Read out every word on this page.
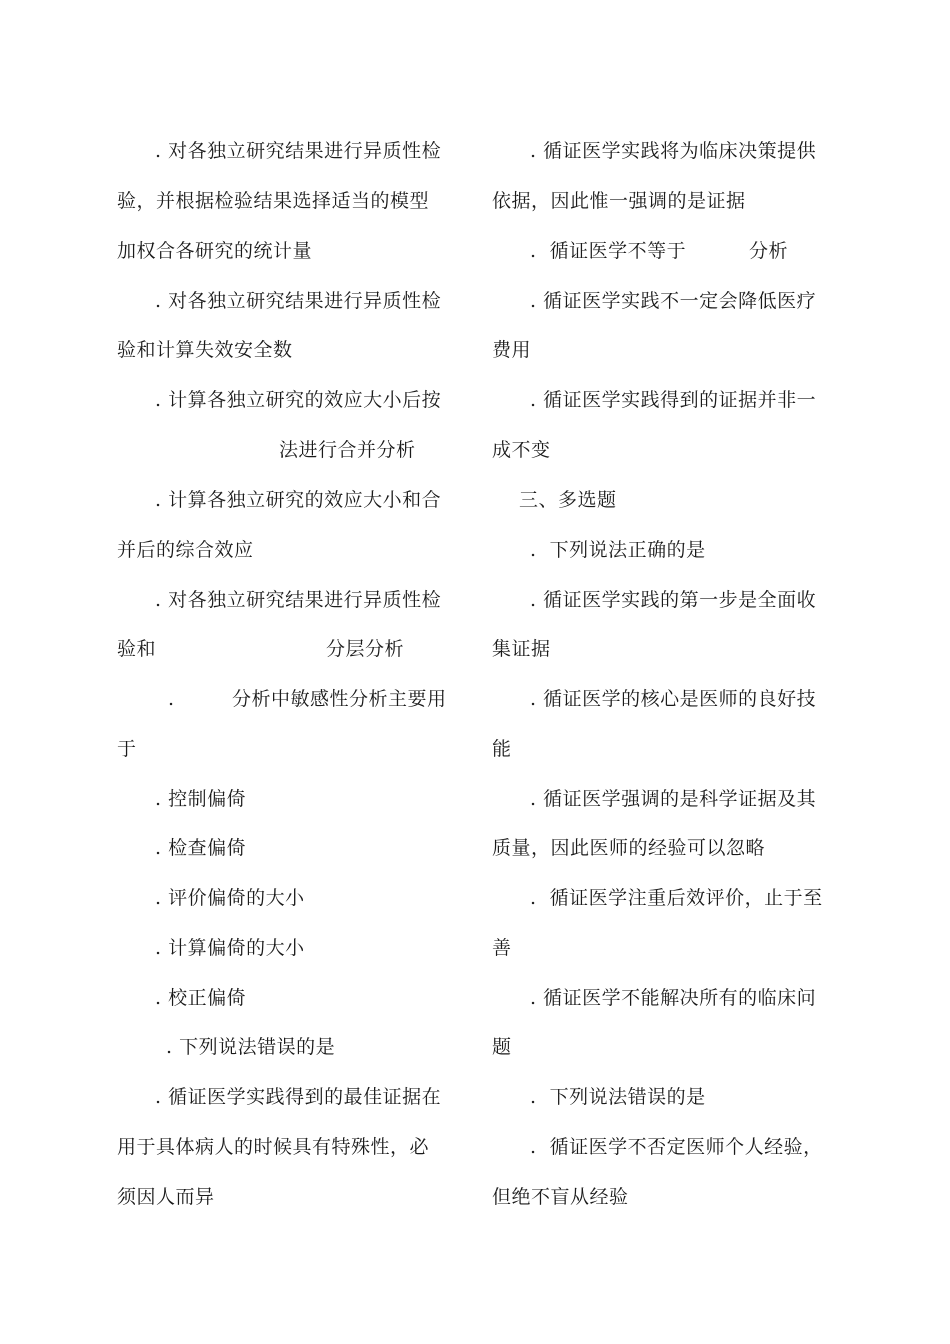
. 对各独立研究结果进行异质性检
验，并根据检验结果选择适当的模型
加权合各研究的统计量
. 对各独立研究结果进行异质性检
验和计算失效安全数
. 计算各独立研究的效应大小后按
法进行合并分析
. 计算各独立研究的效应大小和合
并后的综合效应
. 对各独立研究结果进行异质性检
验和	分层分析
.	分析中敏感性分析主要用
于
. 控制偏倚
. 检查偏倚
. 评价偏倚的大小
. 计算偏倚的大小
. 校正偏倚
. 下列说法错误的是
. 循证医学实践得到的最佳证据在
用于具体病人的时候具有特殊性，必
须因人而异
. 循证医学实践将为临床决策提供
依据，因此惟一强调的是证据
.  循证医学不等于	分析
. 循证医学实践不一定会降低医疗
费用
. 循证医学实践得到的证据并非一
成不变
三、多选题
.  下列说法正确的是
. 循证医学实践的第一步是全面收
集证据
. 循证医学的核心是医师的良好技
能
. 循证医学强调的是科学证据及其
质量，因此医师的经验可以忽略
.  循证医学注重后效评价，止于至
善
. 循证医学不能解决所有的临床问
题
.  下列说法错误的是
.  循证医学不否定医师个人经验，
但绝不盲从经验
